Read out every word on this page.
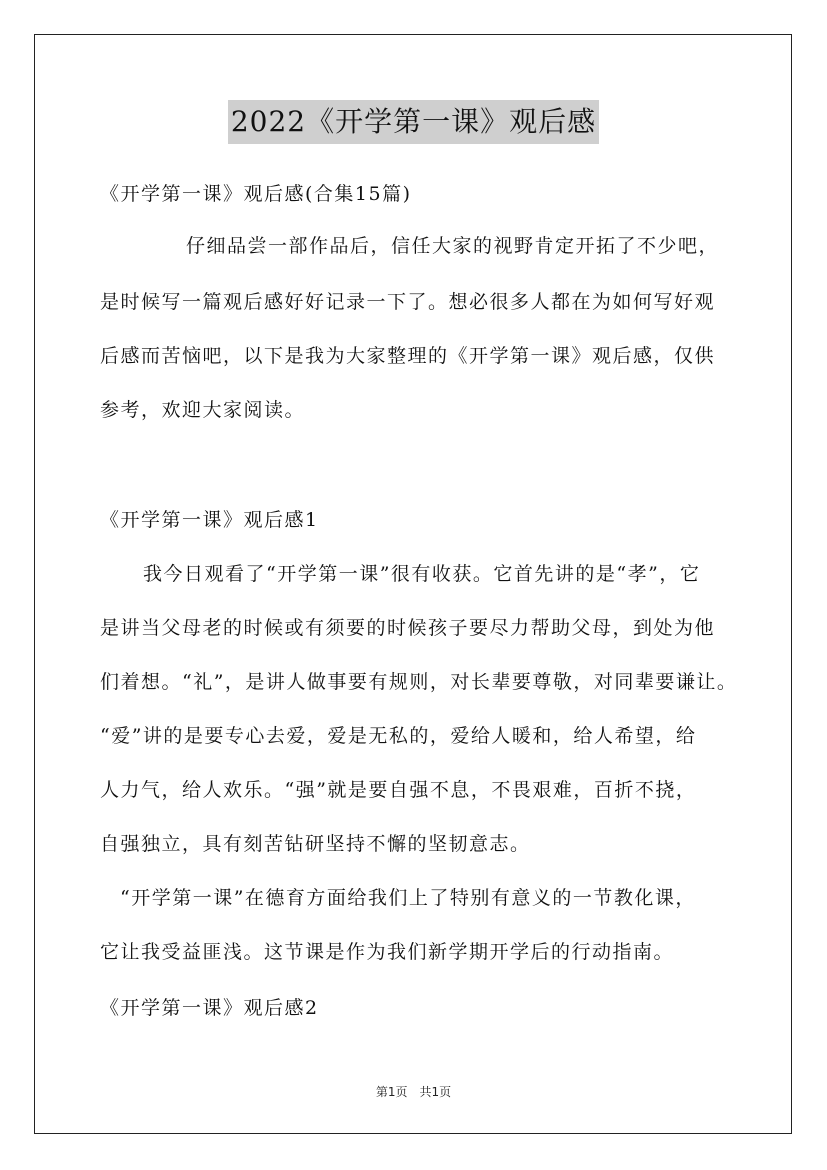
2022《开学第一课》观后感
《开学第一课》观后感(合集15篇)
仔细品尝一部作品后，信任大家的视野肯定开拓了不少吧，
是时候写一篇观后感好好记录一下了。想必很多人都在为如何写好观
后感而苦恼吧，以下是我为大家整理的《开学第一课》观后感，仅供
参考，欢迎大家阅读。
《开学第一课》观后感1
我今日观看了“开学第一课”很有收获。它首先讲的是“孝”，它
是讲当父母老的时候或有须要的时候孩子要尽力帮助父母，到处为他
们着想。“礼”，是讲人做事要有规则，对长辈要尊敬，对同辈要谦让。
“爱”讲的是要专心去爱，爱是无私的，爱给人暖和，给人希望，给
人力气，给人欢乐。“强”就是要自强不息，不畏艰难，百折不挠，
自强独立，具有刻苦钻研坚持不懈的坚韧意志。
“开学第一课”在德育方面给我们上了特别有意义的一节教化课，
它让我受益匪浅。这节课是作为我们新学期开学后的行动指南。
《开学第一课》观后感2
第1页　共1页
